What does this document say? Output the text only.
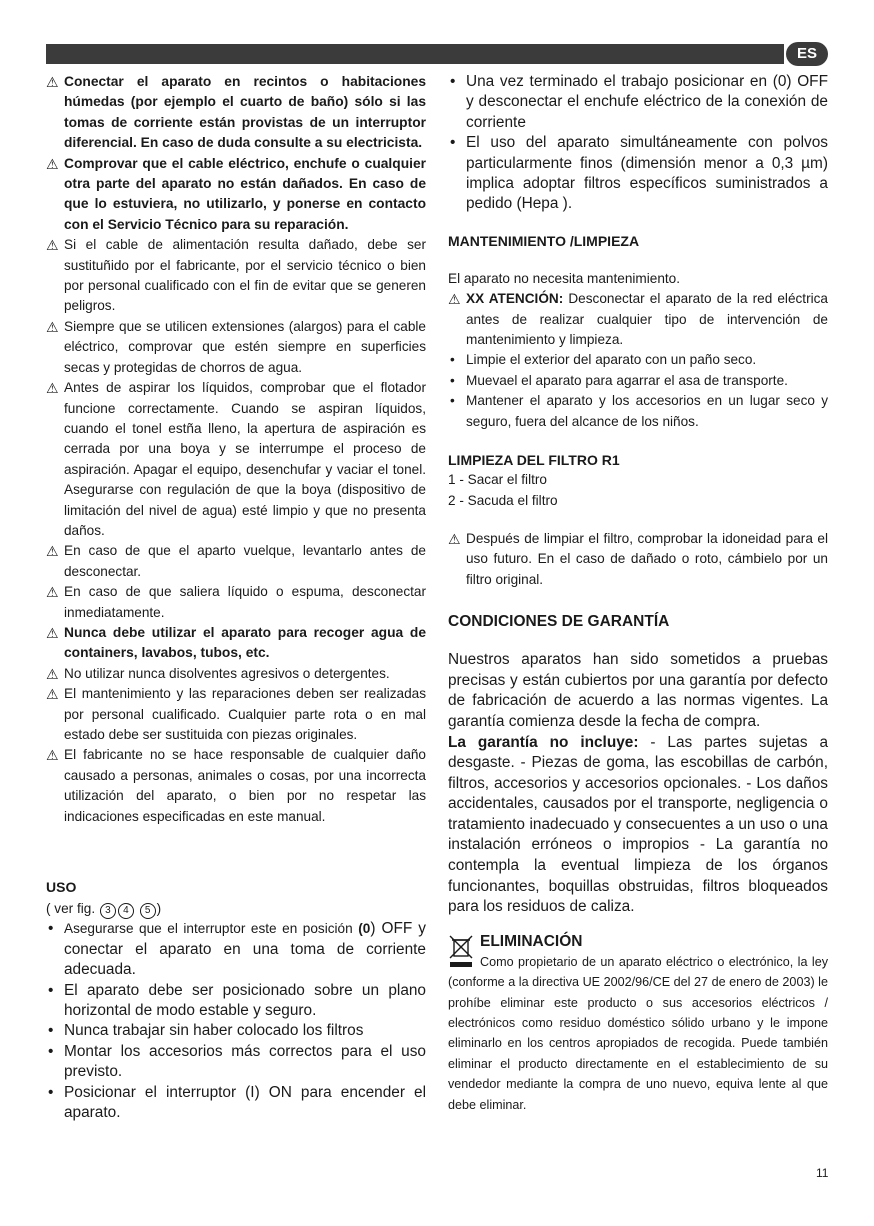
ES

⚠ Conectar el aparato en recintos o habitaciones húmedas (por ejemplo el cuarto de baño) sólo si las tomas de corriente están provistas de un interruptor diferencial. En caso de duda consulte a su electricista.

⚠ Comprovar que el cable eléctrico, enchufe o cualquier otra parte del aparato no están dañados. En caso de que lo estuviera, no utilizarlo, y ponerse en contacto con el Servicio Técnico para su reparación.

⚠ Si el cable de alimentación resulta dañado, debe ser sustituñido por el fabricante, por el servicio técnico o bien por personal cualificado con el fin de evitar que se generen peligros.

⚠ Siempre que se utilicen extensiones (alargos) para el cable eléctrico, comprovar que estén siempre en superficies secas y protegidas de chorros de agua.

⚠ Antes de aspirar los líquidos, comprobar que el flotador funcione correctamente. Cuando se aspiran líquidos, cuando el tonel estña lleno, la apertura de aspiración es cerrada por una boya y se interrumpe el proceso de aspiración. Apagar el equipo, desenchufar y vaciar el tonel. Asegurarse con regulación de que la boya (dispositivo de limitación del nivel de agua) esté limpio y que no presenta daños.

⚠ En caso de que el aparto vuelque, levantarlo antes de desconectar.

⚠ En caso de que saliera líquido o espuma, desconectar inmediatamente.

⚠ Nunca debe utilizar el aparato para recoger agua de containers, lavabos, tubos, etc.

⚠ No utilizar nunca disolventes agresivos o detergentes.

⚠ El mantenimiento y las reparaciones deben ser realizadas por personal cualificado. Cualquier parte rota o en mal estado debe ser sustituida con piezas originales.

⚠ El fabricante no se hace responsable de cualquier daño causado a personas, animales o cosas, por una incorrecta utilización del aparato, o bien por no respetar las indicaciones especificadas en este manual.

USO

( ver fig. 3 4 5 )

• Asegurarse que el interruptor este en posición (0) OFF y conectar el aparato en una toma de corriente adecuada.

• El aparato debe ser posicionado sobre un plano horizontal de modo estable y seguro.

• Nunca trabajar sin haber colocado los filtros

• Montar los accesorios más correctos para el uso previsto.

• Posicionar el interruptor (I) ON para encender el aparato.

• Una vez terminado el trabajo posicionar en (0) OFF y desconectar el enchufe eléctrico de la conexión de corriente

• El uso del aparato simultáneamente con polvos particularmente finos (dimensión menor a 0,3 µm) implica adoptar filtros específicos suministrados a pedido (Hepa ).

MANTENIMIENTO /LIMPIEZA

El aparato no necesita mantenimiento.

⚠ XX ATENCIÓN: Desconectar el aparato de la red eléctrica antes de realizar cualquier tipo de intervención de mantenimiento y limpieza.

• Limpie el exterior del aparato con un paño seco.

• Muevael el aparato para agarrar el asa de transporte.

• Mantener el aparato y los accesorios en un lugar seco y seguro, fuera del alcance de los niños.

LIMPIEZA DEL FILTRO R1

1 - Sacar el filtro

2 - Sacuda el filtro

⚠ Después de limpiar el filtro, comprobar la idoneidad para el uso futuro. En el caso de dañado o roto, cámbielo por un filtro original.

CONDICIONES DE GARANTÍA

Nuestros aparatos han sido sometidos a pruebas precisas y están cubiertos por una garantía por defecto de fabricación de acuerdo a las normas vigentes. La garantía comienza desde la fecha de compra.

La garantía no incluye: - Las partes sujetas a desgaste. - Piezas de goma, las escobillas de carbón, filtros, accesorios y accesorios opcionales. - Los daños accidentales, causados por el transporte, negligencia o tratamiento inadecuado y consecuentes a un uso o una instalación erróneos o impropios - La garantía no contempla la eventual limpieza de los órganos funcionantes, boquillas obstruidas, filtros bloqueados para los residuos de caliza.

ELIMINACIÓN

Como propietario de un aparato eléctrico o electrónico, la ley (conforme a la directiva UE 2002/96/CE del 27 de enero de 2003) le prohíbe eliminar este producto o sus accesorios eléctricos / electrónicos como residuo doméstico sólido urbano y le impone eliminarlo en los centros apropiados de recogida. Puede también eliminar el producto directamente en el establecimiento de su vendedor mediante la compra de uno nuevo, equiva lente al que debe eliminar.

11
